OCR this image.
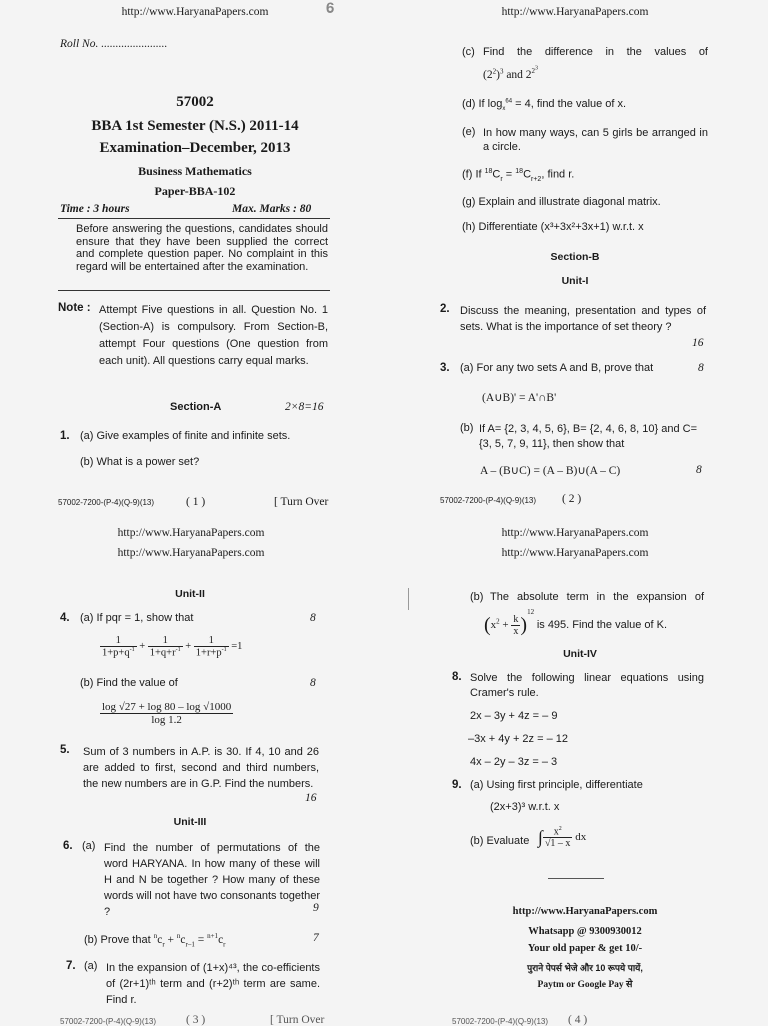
http://www.HaryanaPapers.com	𝟔
Roll No. .......................
57002
BBA 1st Semester (N.S.) 2011-14
Examination–December, 2013
Business Mathematics
Paper-BBA-102
Time : 3 hours	Max. Marks : 80
Before answering the questions, candidates should ensure that they have been supplied the correct and complete question paper. No complaint in this regard will be entertained after the examination.
Note : Attempt Five questions in all. Question No. 1 (Section-A) is compulsory. From Section-B, attempt Four questions (One question from each unit). All questions carry equal marks.
Section-A	2×8=16
1. (a) Give examples of finite and infinite sets.
(b) What is a power set?
57002-7200-(P-4)(Q-9)(13)	( 1 )	[ Turn Over
http://www.HaryanaPapers.com
(c) Find the difference in the values of
$(2^2)^3$ and $2^{2^3}$
(d) If $\log_x^{64} = 4$, find the value of x.
(e) In how many ways, can 5 girls be arranged in a circle.
(f) If $^{18}C_r = ^{18}C_{r+2}$, find r.
(g) Explain and illustrate diagonal matrix.
(h) Differentiate (x³+3x²+3x+1) w.r.t. x
Section-B
Unit-I
2. Discuss the meaning, presentation and types of sets. What is the importance of set theory ?
16
3. (a) For any two sets A and B, prove that	8
(A∪B)' = A'∩B'
(b) If A= {2, 3, 4, 5, 6}, B= {2, 4, 6, 8, 10} and C= {3, 5, 7, 9, 11}, then show that
A – (B∪C) = (A – B)∪(A – C)	8
57002-7200-(P-4)(Q-9)(13) ( 2 )
http://www.HaryanaPapers.com
http://www.HaryanaPapers.com
Unit-II
4. (a) If pqr = 1, show that	8
$\frac{1}{1+p+q^{-1}} + \frac{1}{1+q+r^{-1}} + \frac{1}{1+r+p^{-1}} =1$
(b) Find the value of	8
$\frac{\log √27 + \log 80 - \log √1000}{\log 1.2}$
5. Sum of 3 numbers in A.P. is 30. If 4, 10 and 26 are added to first, second and third numbers, the new numbers are in G.P. Find the numbers.
16
Unit-III
6. (a) Find the number of permutations of the word HARYANA. In how many of these will H and N be together ? How many of these words will not have two consonants together ?	9
(b) Prove that $^nc_r + ^nc_{r-1} = ^{n+1}c_r$
7
7. (a) In the expansion of (1+x)⁴³, the co-efficients of (2r+1)ᵗʰ term and (r+2)ᵗʰ term are same. Find r.
57002-7200-(P-4)(Q-9)(13)	( 3 )	[ Turn Over
http://www.HaryanaPapers.com
http://www.HaryanaPapers.com
(b) The absolute term in the expansion of
$(x^2 + \frac{k}{x} )^{12}$ is 495. Find the value of K.
Unit-IV
8. Solve the following linear equations using Cramer's rule.
2x – 3y + 4z = – 9
–3x + 4y + 2z = – 12
4x – 2y – 3z = – 3
9. (a) Using first principle, differentiate
(2x+3)³ w.r.t. x
(b) Evaluate ∫ $\frac{x^2}{√1 - x}$ dx
http://www.HaryanaPapers.com
Whatsapp @ 9300930012
Your old paper & get 10/-
पुराने पेपर्स भेजे और 10 रूपये पायें,
Paytm or Google Pay से
57002-7200-(P-4)(Q-9)(13) ( 4 )
